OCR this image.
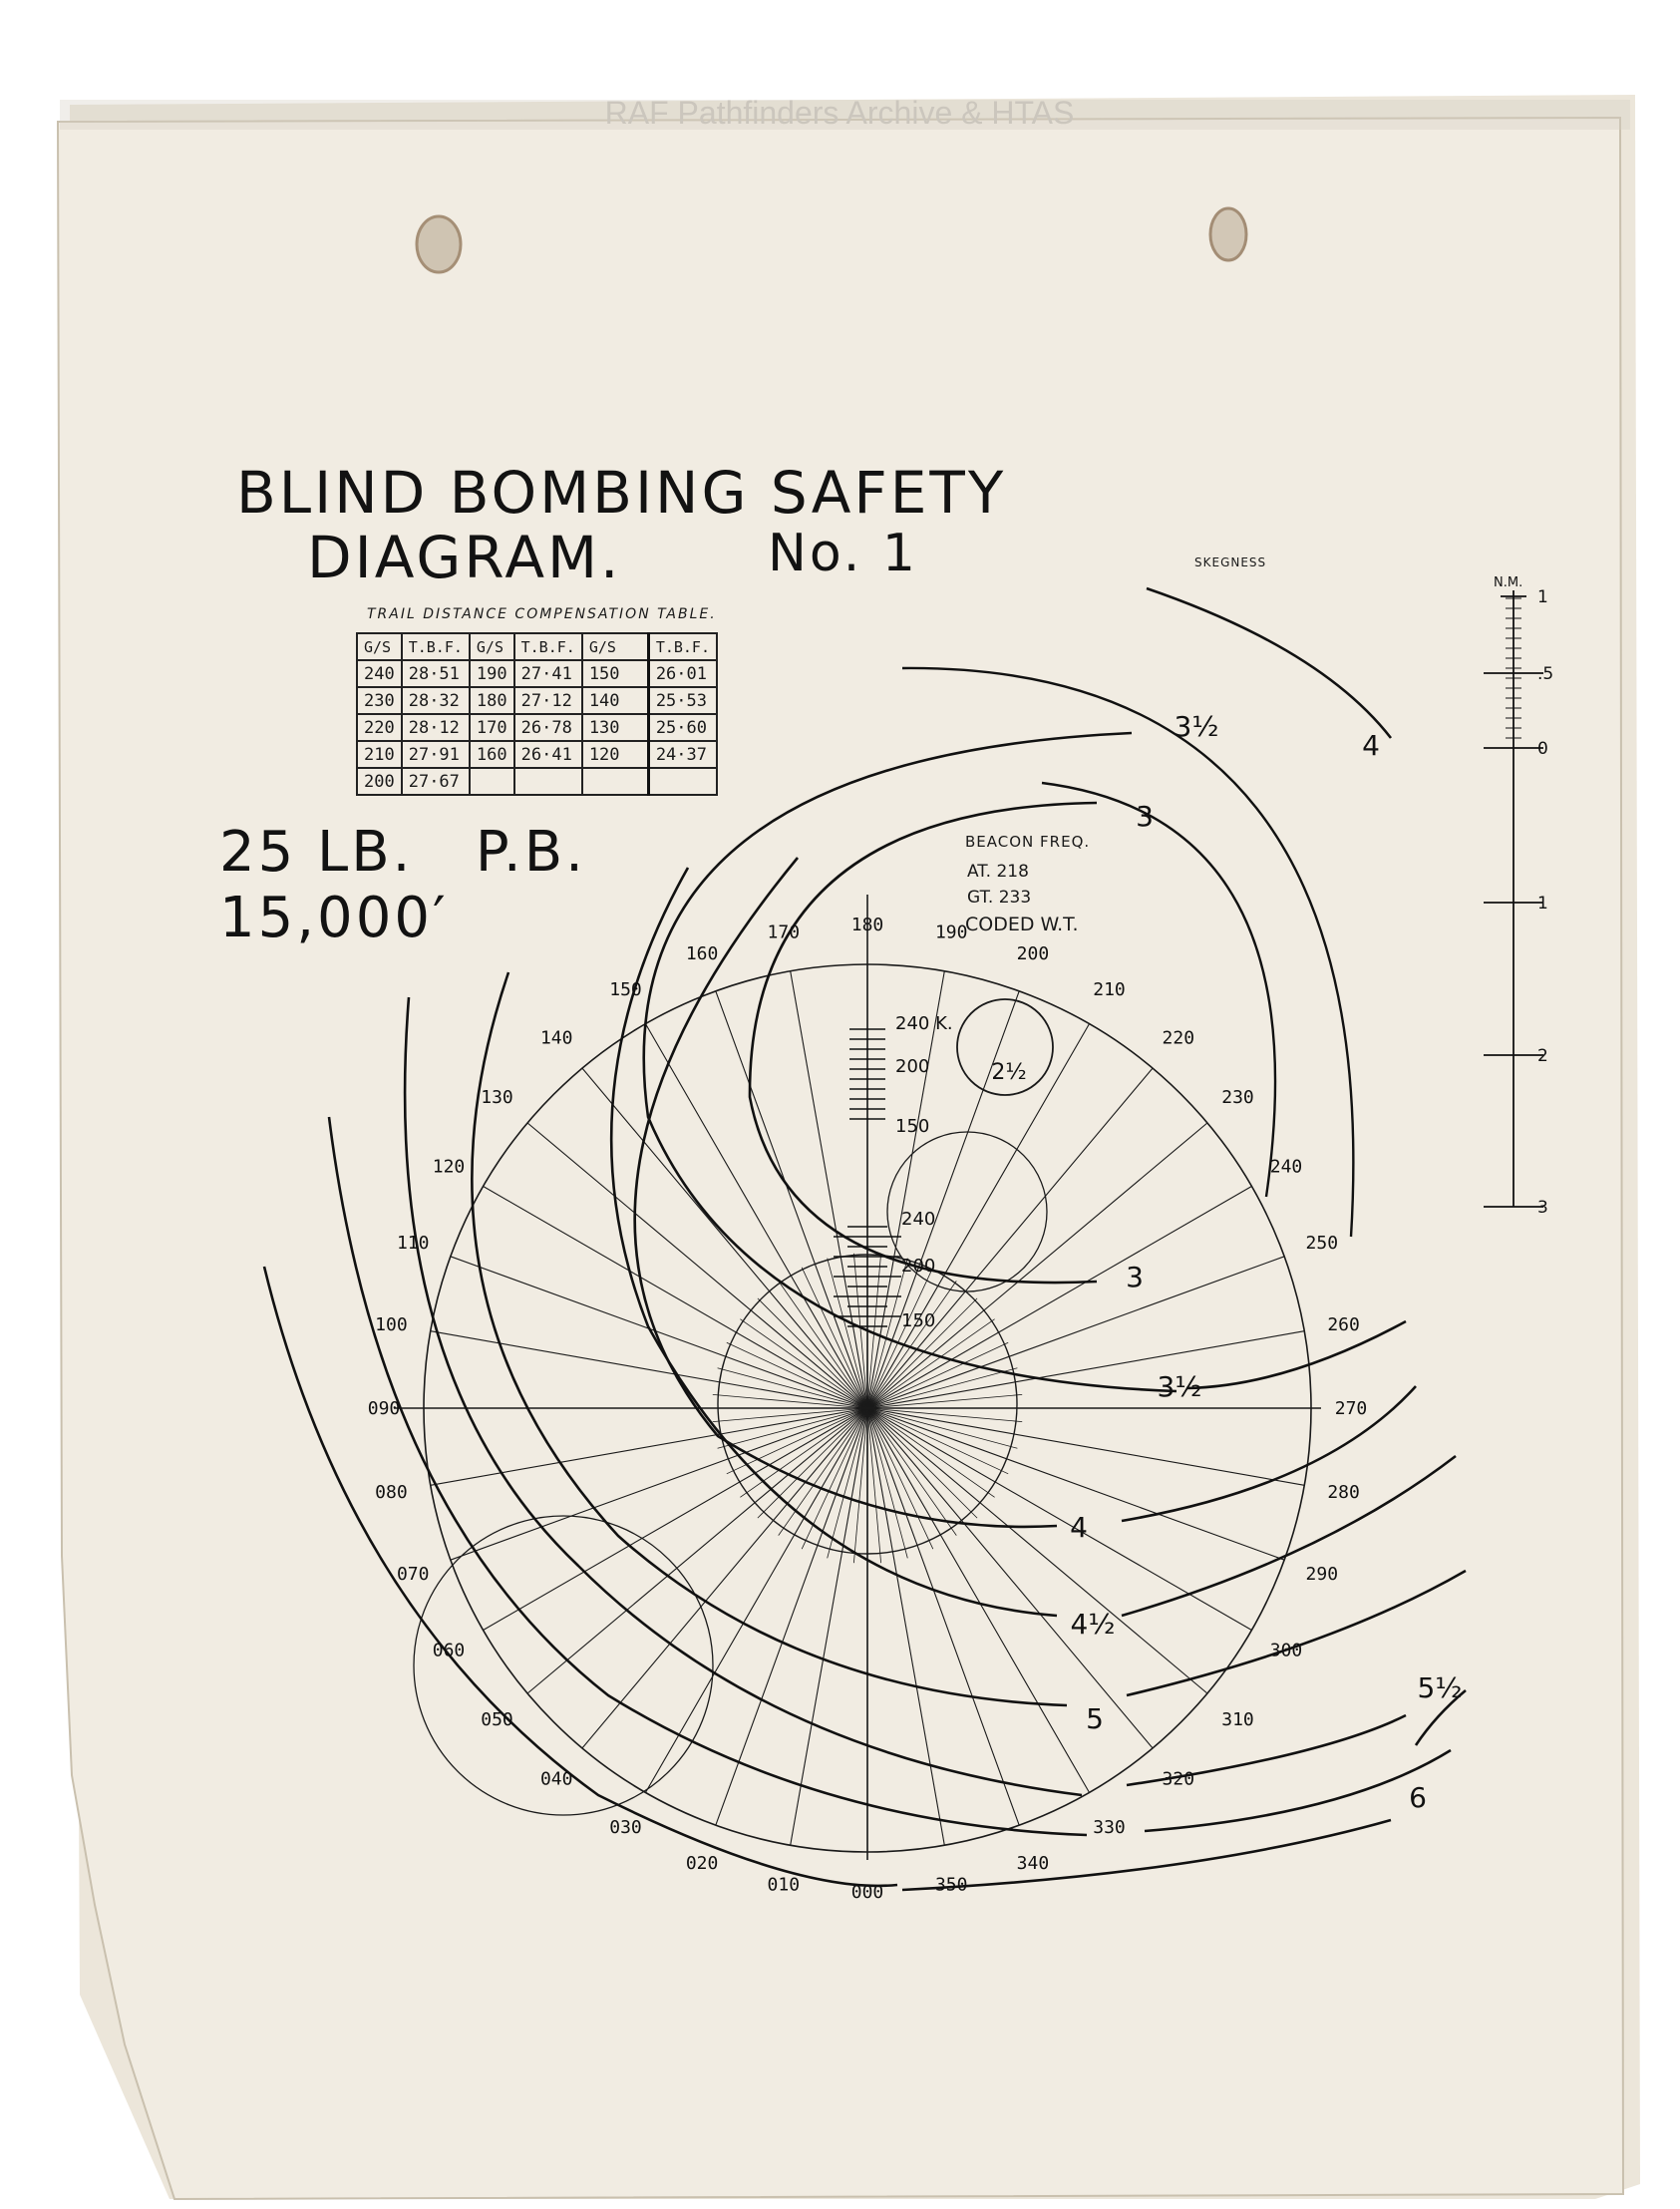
RAF Pathfinders Archive & HTAS
000
010
020
030
040
050
060
070
080
090
100
110
120
130
140
150
160
170	180	190
200
210
220
230
240
250
260
270
280
290
300
310
320
330
340
350
2½
3
3
3½
3½
4
4
4½
5
5½
6
240 K.
200
150
240
200
150
1
.5
0
1
2
3
N.M.
BLIND BOMBING SAFETY
DIAGRAM.	No. 1
25 LB.   P.B.
15,000′
TRAIL DISTANCE COMPENSATION TABLE.
G/S	T.B.F.	G/S	T.B.F.	G/S	T.B.F.
240	28·51	190	27·41	150	26·01
230	28·32	180	27·12	140	25·53
220	28·12	170	26·78	130	25·60
210	27·91	160	26·41	120	24·37
200	27·67				
BEACON FREQ.
AT. 218
GT. 233
CODED W.T.
SKEGNESS
